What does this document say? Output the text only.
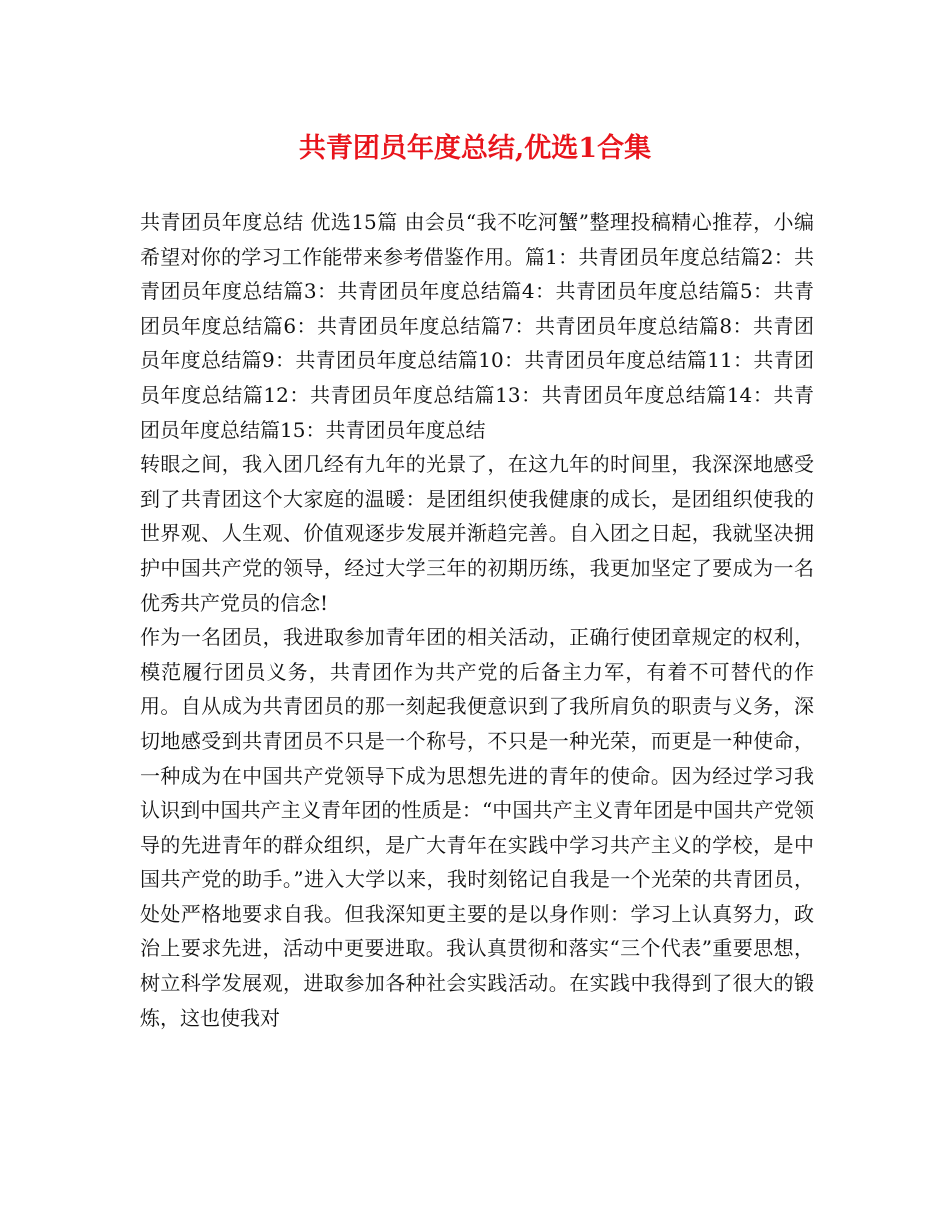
共青团员年度总结,优选1合集

共青团员年度总结 优选15篇 由会员“我不吃河蟹”整理投稿精心推荐，小编希望对你的学习工作能带来参考借鉴作用。篇1：共青团员年度总结篇2：共青团员年度总结篇3：共青团员年度总结篇4：共青团员年度总结篇5：共青团员年度总结篇6：共青团员年度总结篇7：共青团员年度总结篇8：共青团员年度总结篇9：共青团员年度总结篇10：共青团员年度总结篇11：共青团员年度总结篇12：共青团员年度总结篇13：共青团员年度总结篇14：共青团员年度总结篇15：共青团员年度总结

转眼之间，我入团几经有九年的光景了，在这九年的时间里，我深深地感受到了共青团这个大家庭的温暖：是团组织使我健康的成长，是团组织使我的世界观、人生观、价值观逐步发展并渐趋完善。自入团之日起，我就坚决拥护中国共产党的领导，经过大学三年的初期历练，我更加坚定了要成为一名优秀共产党员的信念!

作为一名团员，我进取参加青年团的相关活动，正确行使团章规定的权利，模范履行团员义务，共青团作为共产党的后备主力军，有着不可替代的作用。自从成为共青团员的那一刻起我便意识到了我所肩负的职责与义务，深切地感受到共青团员不只是一个称号，不只是一种光荣，而更是一种使命，一种成为在中国共产党领导下成为思想先进的青年的使命。因为经过学习我认识到中国共产主义青年团的性质是：“中国共产主义青年团是中国共产党领导的先进青年的群众组织，是广大青年在实践中学习共产主义的学校，是中国共产党的助手。”进入大学以来，我时刻铭记自我是一个光荣的共青团员，处处严格地要求自我。但我深知更主要的是以身作则：学习上认真努力，政治上要求先进，活动中更要进取。我认真贯彻和落实“三个代表”重要思想，树立科学发展观，进取参加各种社会实践活动。在实践中我得到了很大的锻炼，这也使我对
